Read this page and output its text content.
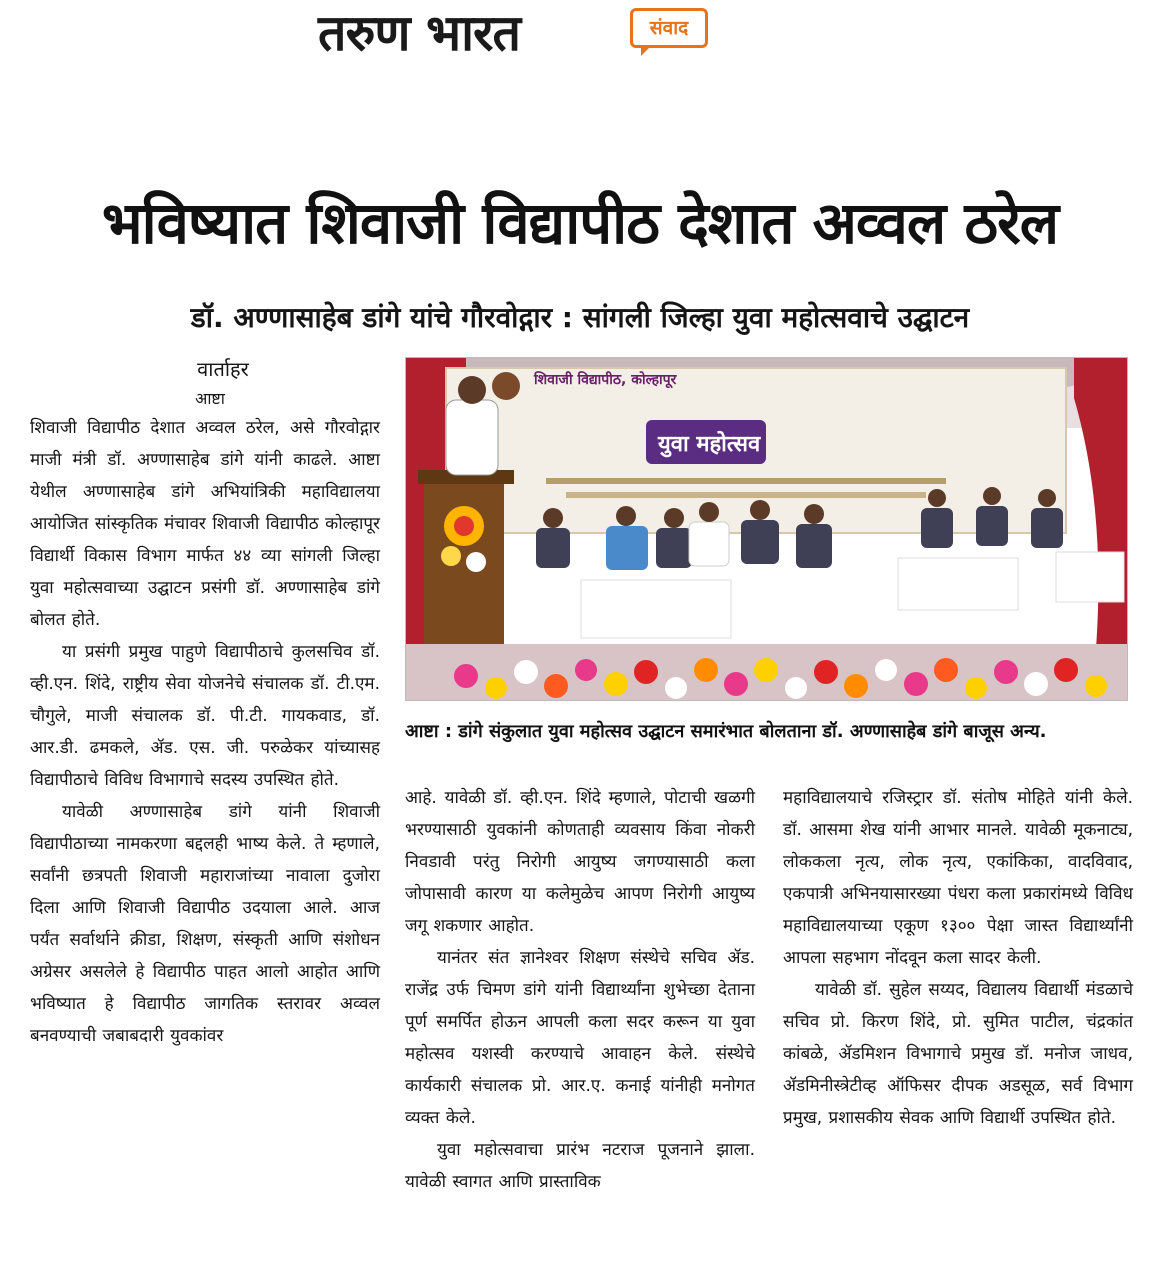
तरुण भारत	संवाद
भविष्यात शिवाजी विद्यापीठ देशात अव्वल ठरेल
डॉ. अण्णासाहेब डांगे यांचे गौरवोद्गार : सांगली जिल्हा युवा महोत्सवाचे उद्घाटन
वार्ताहर
आष्टा

शिवाजी विद्यापीठ देशात अव्वल ठरेल, असे गौरवोद्गार माजी मंत्री डॉ. अण्णासाहेब डांगे यांनी काढले. आष्टा येथील अण्णासाहेब डांगे अभियांत्रिकी महाविद्यालया आयोजित सांस्कृतिक मंचावर शिवाजी विद्यापीठ कोल्हापूर विद्यार्थी विकास विभाग मार्फत ४४ व्या सांगली जिल्हा युवा महोत्सवाच्या उद्घाटन प्रसंगी डॉ. अण्णासाहेब डांगे बोलत होते.

या प्रसंगी प्रमुख पाहुणे विद्यापीठाचे कुलसचिव डॉ. व्ही.एन. शिंदे, राष्ट्रीय सेवा योजनेचे संचालक डॉ. टी.एम. चौगुले, माजी संचालक डॉ. पी.टी. गायकवाड, डॉ. आर.डी. ढमकले, ॲड. एस. जी. परुळेकर यांच्यासह विद्यापीठाचे विविध विभागाचे सदस्य उपस्थित होते.

यावेळी अण्णासाहेब डांगे यांनी शिवाजी विद्यापीठाच्या नामकरणा बद्दलही भाष्य केले. ते म्हणाले, सर्वांनी छत्रपती शिवाजी महाराजांच्या नावाला दुजोरा दिला आणि शिवाजी विद्यापीठ उदयाला आले. आज पर्यंत सर्वार्थाने क्रीडा, शिक्षण, संस्कृती आणि संशोधन अग्रेसर असलेले हे विद्यापीठ पाहत आलो आहोत आणि भविष्यात हे विद्यापीठ जागतिक स्तरावर अव्वल बनवण्याची जबाबदारी युवकांवर

शिवाजी विद्यापीठ, कोल्हापूर
युवा महोत्सव
आष्टा : डांगे संकुलात युवा महोत्सव उद्घाटन समारंभात बोलताना डॉ. अण्णासाहेब डांगे बाजूस अन्य.

आहे. यावेळी डॉ. व्ही.एन. शिंदे म्हणाले, पोटाची खळगी भरण्यासाठी युवकांनी कोणताही व्यवसाय किंवा नोकरी निवडावी परंतु निरोगी आयुष्य जगण्यासाठी कला जोपासावी कारण या कलेमुळेच आपण निरोगी आयुष्य जगू शकणार आहोत.

यानंतर संत ज्ञानेश्वर शिक्षण संस्थेचे सचिव ॲड. राजेंद्र उर्फ चिमण डांगे यांनी विद्यार्थ्यांना शुभेच्छा देताना पूर्ण समर्पित होऊन आपली कला सदर करून या युवा महोत्सव यशस्वी करण्याचे आवाहन केले. संस्थेचे कार्यकारी संचालक प्रो. आर.ए. कनाई यांनीही मनोगत व्यक्त केले.

युवा महोत्सवाचा प्रारंभ नटराज पूजनाने झाला. यावेळी स्वागत आणि प्रास्ताविक

महाविद्यालयाचे रजिस्ट्रार डॉ. संतोष मोहिते यांनी केले. डॉ. आसमा शेख यांनी आभार मानले. यावेळी मूकनाट्य, लोककला नृत्य, लोक नृत्य, एकांकिका, वादविवाद, एकपात्री अभिनयासारख्या पंधरा कला प्रकारांमध्ये विविध महाविद्यालयाच्या एकूण १३०० पेक्षा जास्त विद्यार्थ्यांनी आपला सहभाग नोंदवून कला सादर केली.

यावेळी डॉ. सुहेल सय्यद, विद्यालय विद्यार्थी मंडळाचे सचिव प्रो. किरण शिंदे, प्रो. सुमित पाटील, चंद्रकांत कांबळे, ॲडमिशन विभागाचे प्रमुख डॉ. मनोज जाधव, ॲडमिनीस्त्रेटीव्ह ऑफिसर दीपक अडसूळ, सर्व विभाग प्रमुख, प्रशासकीय सेवक आणि विद्यार्थी उपस्थित होते.
